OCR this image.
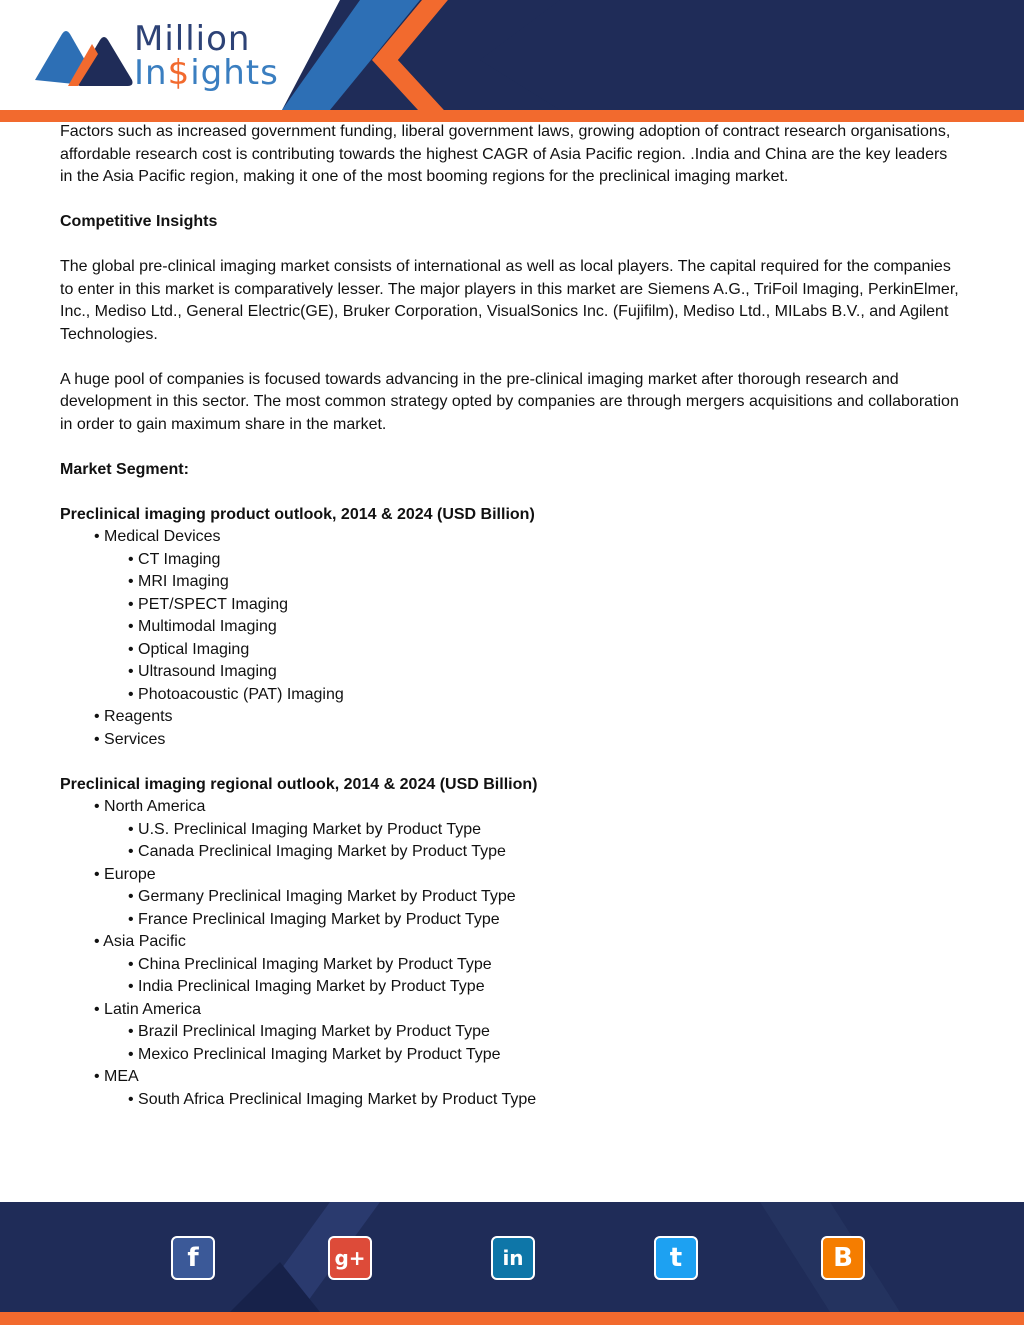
Million
In$ights

Factors such as increased government funding, liberal government laws, growing adoption of contract research organisations, affordable research cost is contributing towards the highest CAGR of Asia Pacific region. .India and China are the key leaders in the Asia Pacific region, making it one of the most booming regions for the preclinical imaging market.

Competitive Insights

The global pre-clinical imaging market consists of international as well as local players. The capital required for the companies to enter in this market is comparatively lesser. The major players in this market are Siemens A.G., TriFoil Imaging, PerkinElmer, Inc., Mediso Ltd., General Electric(GE), Bruker Corporation, VisualSonics Inc. (Fujifilm), Mediso Ltd., MILabs B.V., and Agilent Technologies.

A huge pool of companies is focused towards advancing in the pre-clinical imaging market after thorough research and development in this sector. The most common strategy opted by companies are through mergers acquisitions and collaboration in order to gain maximum share in the market.

Market Segment:

Preclinical imaging product outlook, 2014 & 2024 (USD Billion)

• Medical Devices
• CT Imaging
• MRI Imaging
• PET/SPECT Imaging
• Multimodal Imaging
• Optical Imaging
• Ultrasound Imaging
• Photoacoustic (PAT) Imaging
• Reagents
• Services

Preclinical imaging regional outlook, 2014 & 2024 (USD Billion)

• North America
• U.S. Preclinical Imaging Market by Product Type
• Canada Preclinical Imaging Market by Product Type
• Europe
• Germany Preclinical Imaging Market by Product Type
• France Preclinical Imaging Market by Product Type
• Asia Pacific
• China Preclinical Imaging Market by Product Type
• India Preclinical Imaging Market by Product Type
• Latin America
• Brazil Preclinical Imaging Market by Product Type
• Mexico Preclinical Imaging Market by Product Type
• MEA
• South Africa Preclinical Imaging Market by Product Type
f	g+	in	t	B
